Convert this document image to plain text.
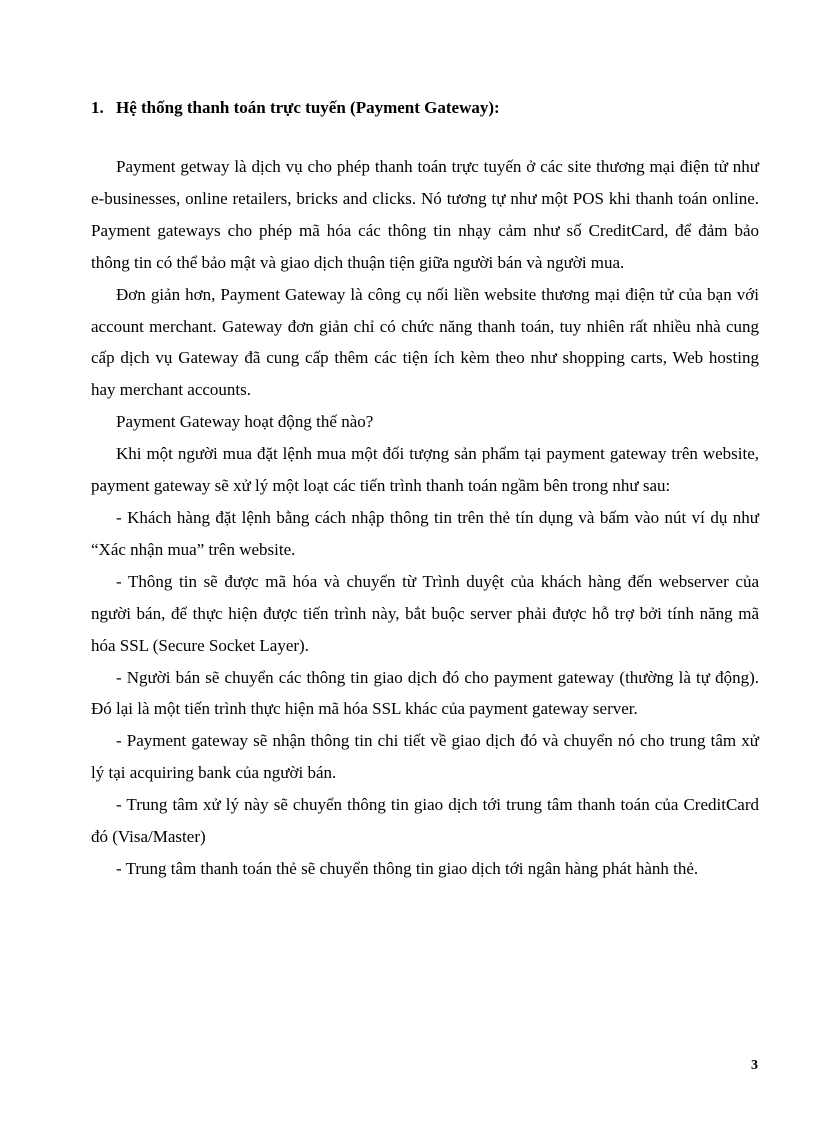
1. Hệ thống thanh toán trực tuyến (Payment Gateway):

Payment getway là dịch vụ cho phép thanh toán trực tuyến ở các site thương mại điện tử như e-businesses, online retailers, bricks and clicks. Nó tương tự như một POS khi thanh toán online. Payment gateways cho phép mã hóa các thông tin nhạy cảm như số CreditCard, để đảm bảo thông tin có thể bảo mật và giao dịch thuận tiện giữa người bán và người mua.

Đơn giản hơn, Payment Gateway là công cụ nối liền website thương mại điện tử của bạn với account merchant. Gateway đơn giản chỉ có chức năng thanh toán, tuy nhiên rất nhiều nhà cung cấp dịch vụ Gateway đã cung cấp thêm các tiện ích kèm theo như shopping carts, Web hosting hay merchant accounts.

Payment Gateway hoạt động thế nào?

Khi một người mua đặt lệnh mua một đối tượng sản phẩm tại payment gateway trên website, payment gateway sẽ xử lý một loạt các tiến trình thanh toán ngầm bên trong như sau:

- Khách hàng đặt lệnh bằng cách nhập thông tin trên thẻ tín dụng và bấm vào nút ví dụ như “Xác nhận mua” trên website.

- Thông tin sẽ được mã hóa và chuyển từ Trình duyệt của khách hàng đến webserver của người bán, để thực hiện được tiến trình này, bắt buộc server phải được hỗ trợ bởi tính năng mã hóa SSL (Secure Socket Layer).

- Người bán sẽ chuyển các thông tin giao dịch đó cho payment gateway (thường là tự động). Đó lại là một tiến trình thực hiện mã hóa SSL khác của payment gateway server.

- Payment gateway sẽ nhận thông tin chi tiết về giao dịch đó và chuyển nó cho trung tâm xử lý tại acquiring bank của người bán.

- Trung tâm xử lý này sẽ chuyển thông tin giao dịch tới trung tâm thanh toán của CreditCard đó (Visa/Master)

- Trung tâm thanh toán thẻ sẽ chuyển thông tin giao dịch tới ngân hàng phát hành thẻ.

3
